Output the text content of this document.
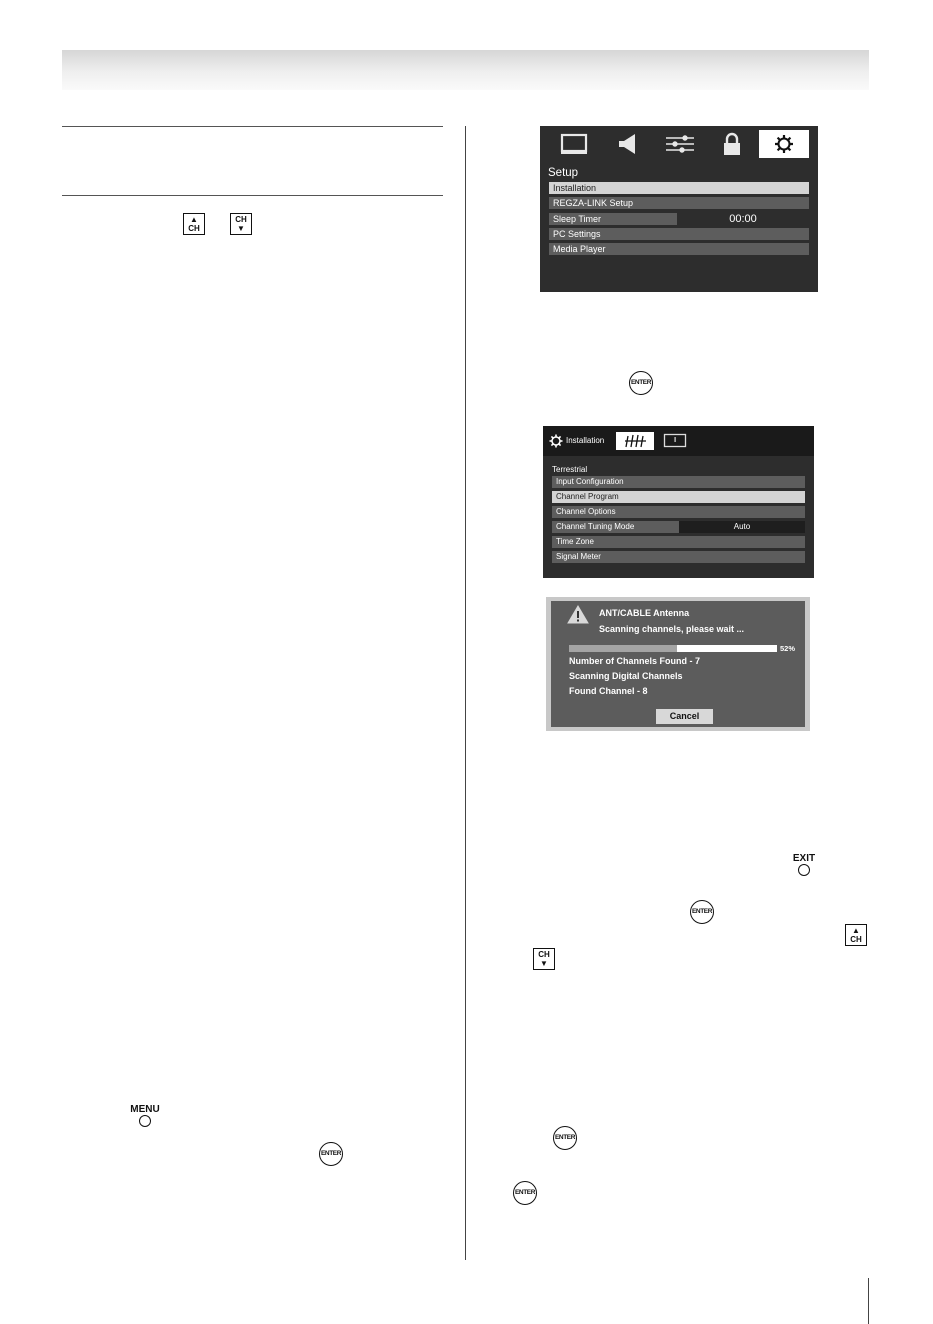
▲
CH
CH
▼
MENU
ENTER
ENTER
EXIT
ENTER
▲
CH
CH
▼
ENTER
ENTER
Setup
Installation
REGZA-LINK Setup
Sleep Timer	00:00
PC Settings
Media Player
Installation
Terrestrial
Input Configuration
Channel Program
Channel Options
Channel Tuning Mode	Auto
Time Zone
Signal Meter
ANT/CABLE Antenna
Scanning channels, please wait ...
52%
Number of Channels Found - 7
Scanning Digital Channels
Found Channel - 8
Cancel
